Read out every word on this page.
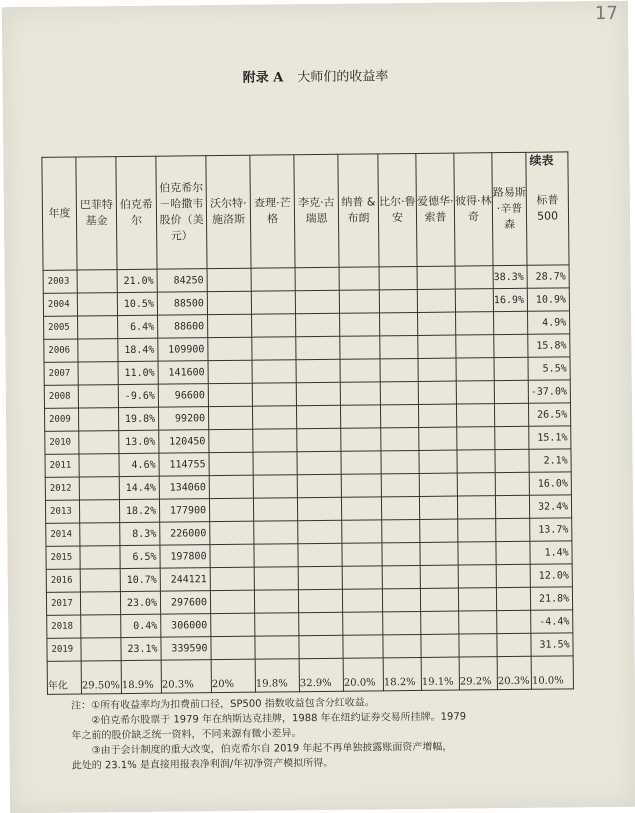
17
附录 A 大师们的收益率
续表
年度	巴菲特基金	伯克希尔	伯克希尔－哈撒韦股价（美元）	沃尔特·施洛斯	查理·芒格	李克·古瑞恩	纳普 & 布朗	比尔·鲁安	爱德华·索普	彼得·林奇	路易斯·辛普森	标普500
2003		21.0%	84250								38.3%	28.7%
2004		10.5%	88500								16.9%	10.9%
2005		6.4%	88600									4.9%
2006		18.4%	109900									15.8%
2007		11.0%	141600									5.5%
2008		-9.6%	96600									-37.0%
2009		19.8%	99200									26.5%
2010		13.0%	120450									15.1%
2011		4.6%	114755									2.1%
2012		14.4%	134060									16.0%
2013		18.2%	177900									32.4%
2014		8.3%	226000									13.7%
2015		6.5%	197800									1.4%
2016		10.7%	244121									12.0%
2017		23.0%	297600									21.8%
2018		0.4%	306000									-4.4%
2019		23.1%	339590									31.5%
年化	29.50%	18.9%	20.3%	20%	19.8%	32.9%	20.0%	18.2%	19.1%	29.2%	20.3%	10.0%

注：①所有收益率均为扣费前口径，SP500 指数收益包含分红收益。

②伯克希尔股票于 1979 年在纳斯达克挂牌，1988 年在纽约证券交易所挂牌。1979

年之前的股价缺乏统一资料，不同来源有微小差异。

③由于会计制度的重大改变，伯克希尔自 2019 年起不再单独披露账面资产增幅，

此处的 23.1% 是直接用报表净利润/年初净资产模拟所得。
